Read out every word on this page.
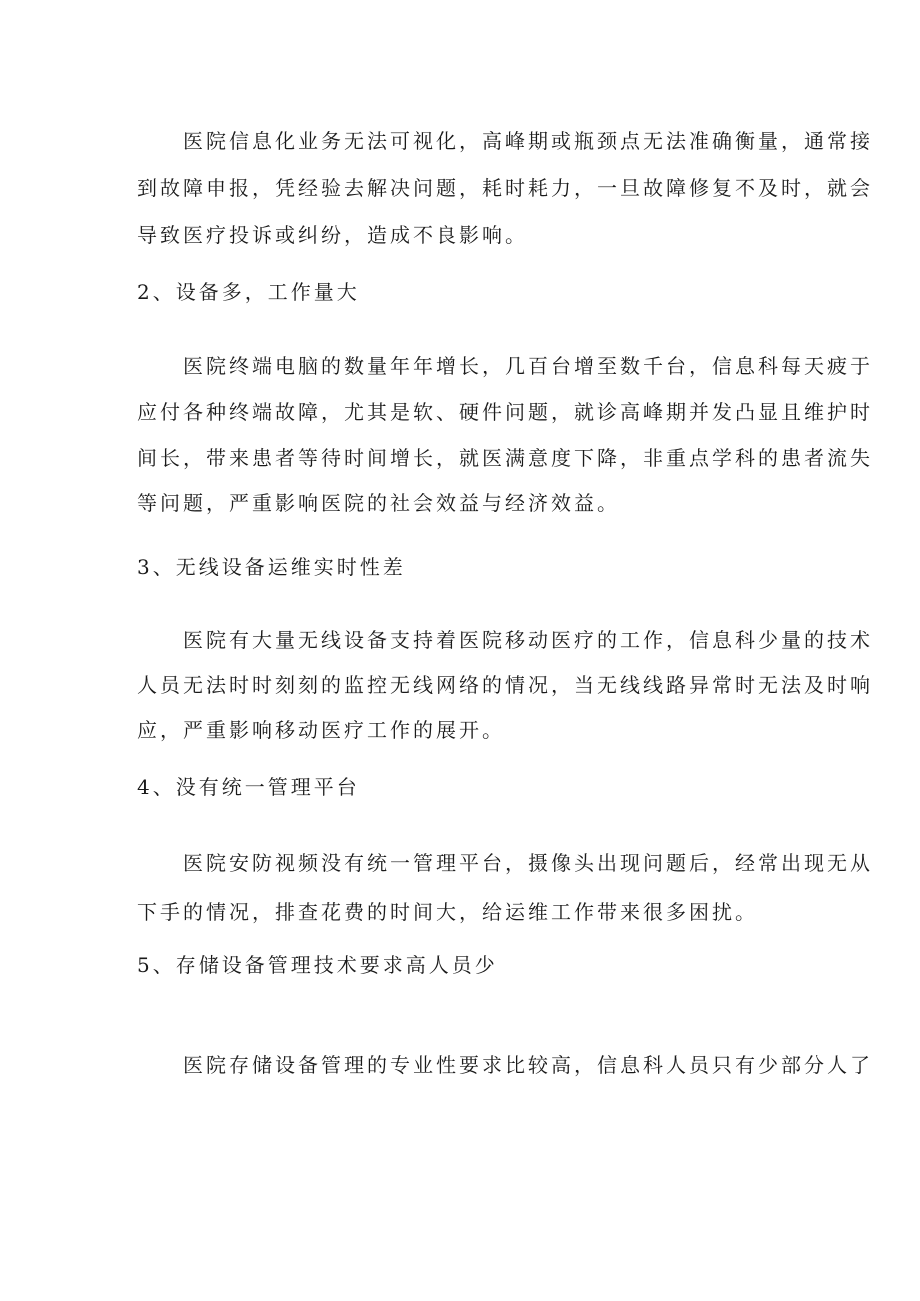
医院信息化业务无法可视化，高峰期或瓶颈点无法准确衡量，通常接
到故障申报，凭经验去解决问题，耗时耗力，一旦故障修复不及时，就会
导致医疗投诉或纠纷，造成不良影响。
2、设备多，工作量大
医院终端电脑的数量年年增长，几百台增至数千台，信息科每天疲于
应付各种终端故障，尤其是软、硬件问题，就诊高峰期并发凸显且维护时
间长，带来患者等待时间增长，就医满意度下降，非重点学科的患者流失
等问题，严重影响医院的社会效益与经济效益。
3、无线设备运维实时性差
医院有大量无线设备支持着医院移动医疗的工作，信息科少量的技术
人员无法时时刻刻的监控无线网络的情况，当无线线路异常时无法及时响
应，严重影响移动医疗工作的展开。
4、没有统一管理平台
医院安防视频没有统一管理平台，摄像头出现问题后，经常出现无从
下手的情况，排查花费的时间大，给运维工作带来很多困扰。
5、存储设备管理技术要求高人员少
医院存储设备管理的专业性要求比较高，信息科人员只有少部分人了
